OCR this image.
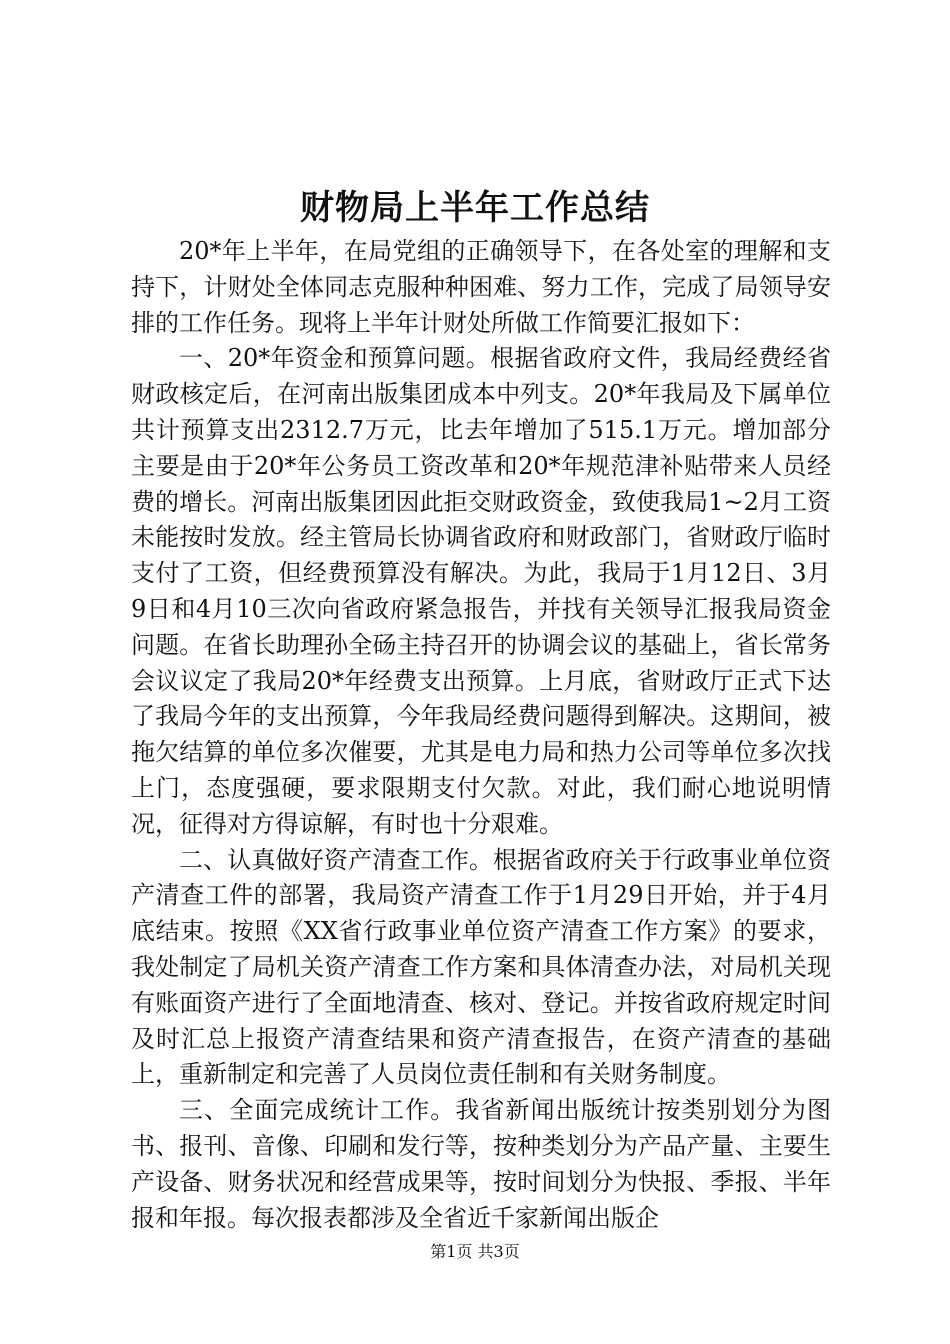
财物局上半年工作总结

20*年上半年，在局党组的正确领导下，在各处室的理解和支持下，计财处全体同志克服种种困难、努力工作，完成了局领导安排的工作任务。现将上半年计财处所做工作简要汇报如下：

一、20*年资金和预算问题。根据省政府文件，我局经费经省财政核定后，在河南出版集团成本中列支。20*年我局及下属单位共计预算支出2312.7万元，比去年增加了515.1万元。增加部分主要是由于20*年公务员工资改革和20*年规范津补贴带来人员经费的增长。河南出版集团因此拒交财政资金，致使我局1~2月工资未能按时发放。经主管局长协调省政府和财政部门，省财政厅临时支付了工资，但经费预算没有解决。为此，我局于1月12日、3月9日和4月10三次向省政府紧急报告，并找有关领导汇报我局资金问题。在省长助理孙全砀主持召开的协调会议的基础上，省长常务会议议定了我局20*年经费支出预算。上月底，省财政厅正式下达了我局今年的支出预算，今年我局经费问题得到解决。这期间，被拖欠结算的单位多次催要，尤其是电力局和热力公司等单位多次找上门，态度强硬，要求限期支付欠款。对此，我们耐心地说明情况，征得对方得谅解，有时也十分艰难。

二、认真做好资产清查工作。根据省政府关于行政事业单位资产清查工件的部署，我局资产清查工作于1月29日开始，并于4月底结束。按照《XX省行政事业单位资产清查工作方案》的要求，我处制定了局机关资产清查工作方案和具体清查办法，对局机关现有账面资产进行了全面地清查、核对、登记。并按省政府规定时间及时汇总上报资产清查结果和资产清查报告，在资产清查的基础上，重新制定和完善了人员岗位责任制和有关财务制度。

三、全面完成统计工作。我省新闻出版统计按类别划分为图书、报刊、音像、印刷和发行等，按种类划分为产品产量、主要生产设备、财务状况和经营成果等，按时间划分为快报、季报、半年报和年报。每次报表都涉及全省近千家新闻出版企

第1页 共3页
